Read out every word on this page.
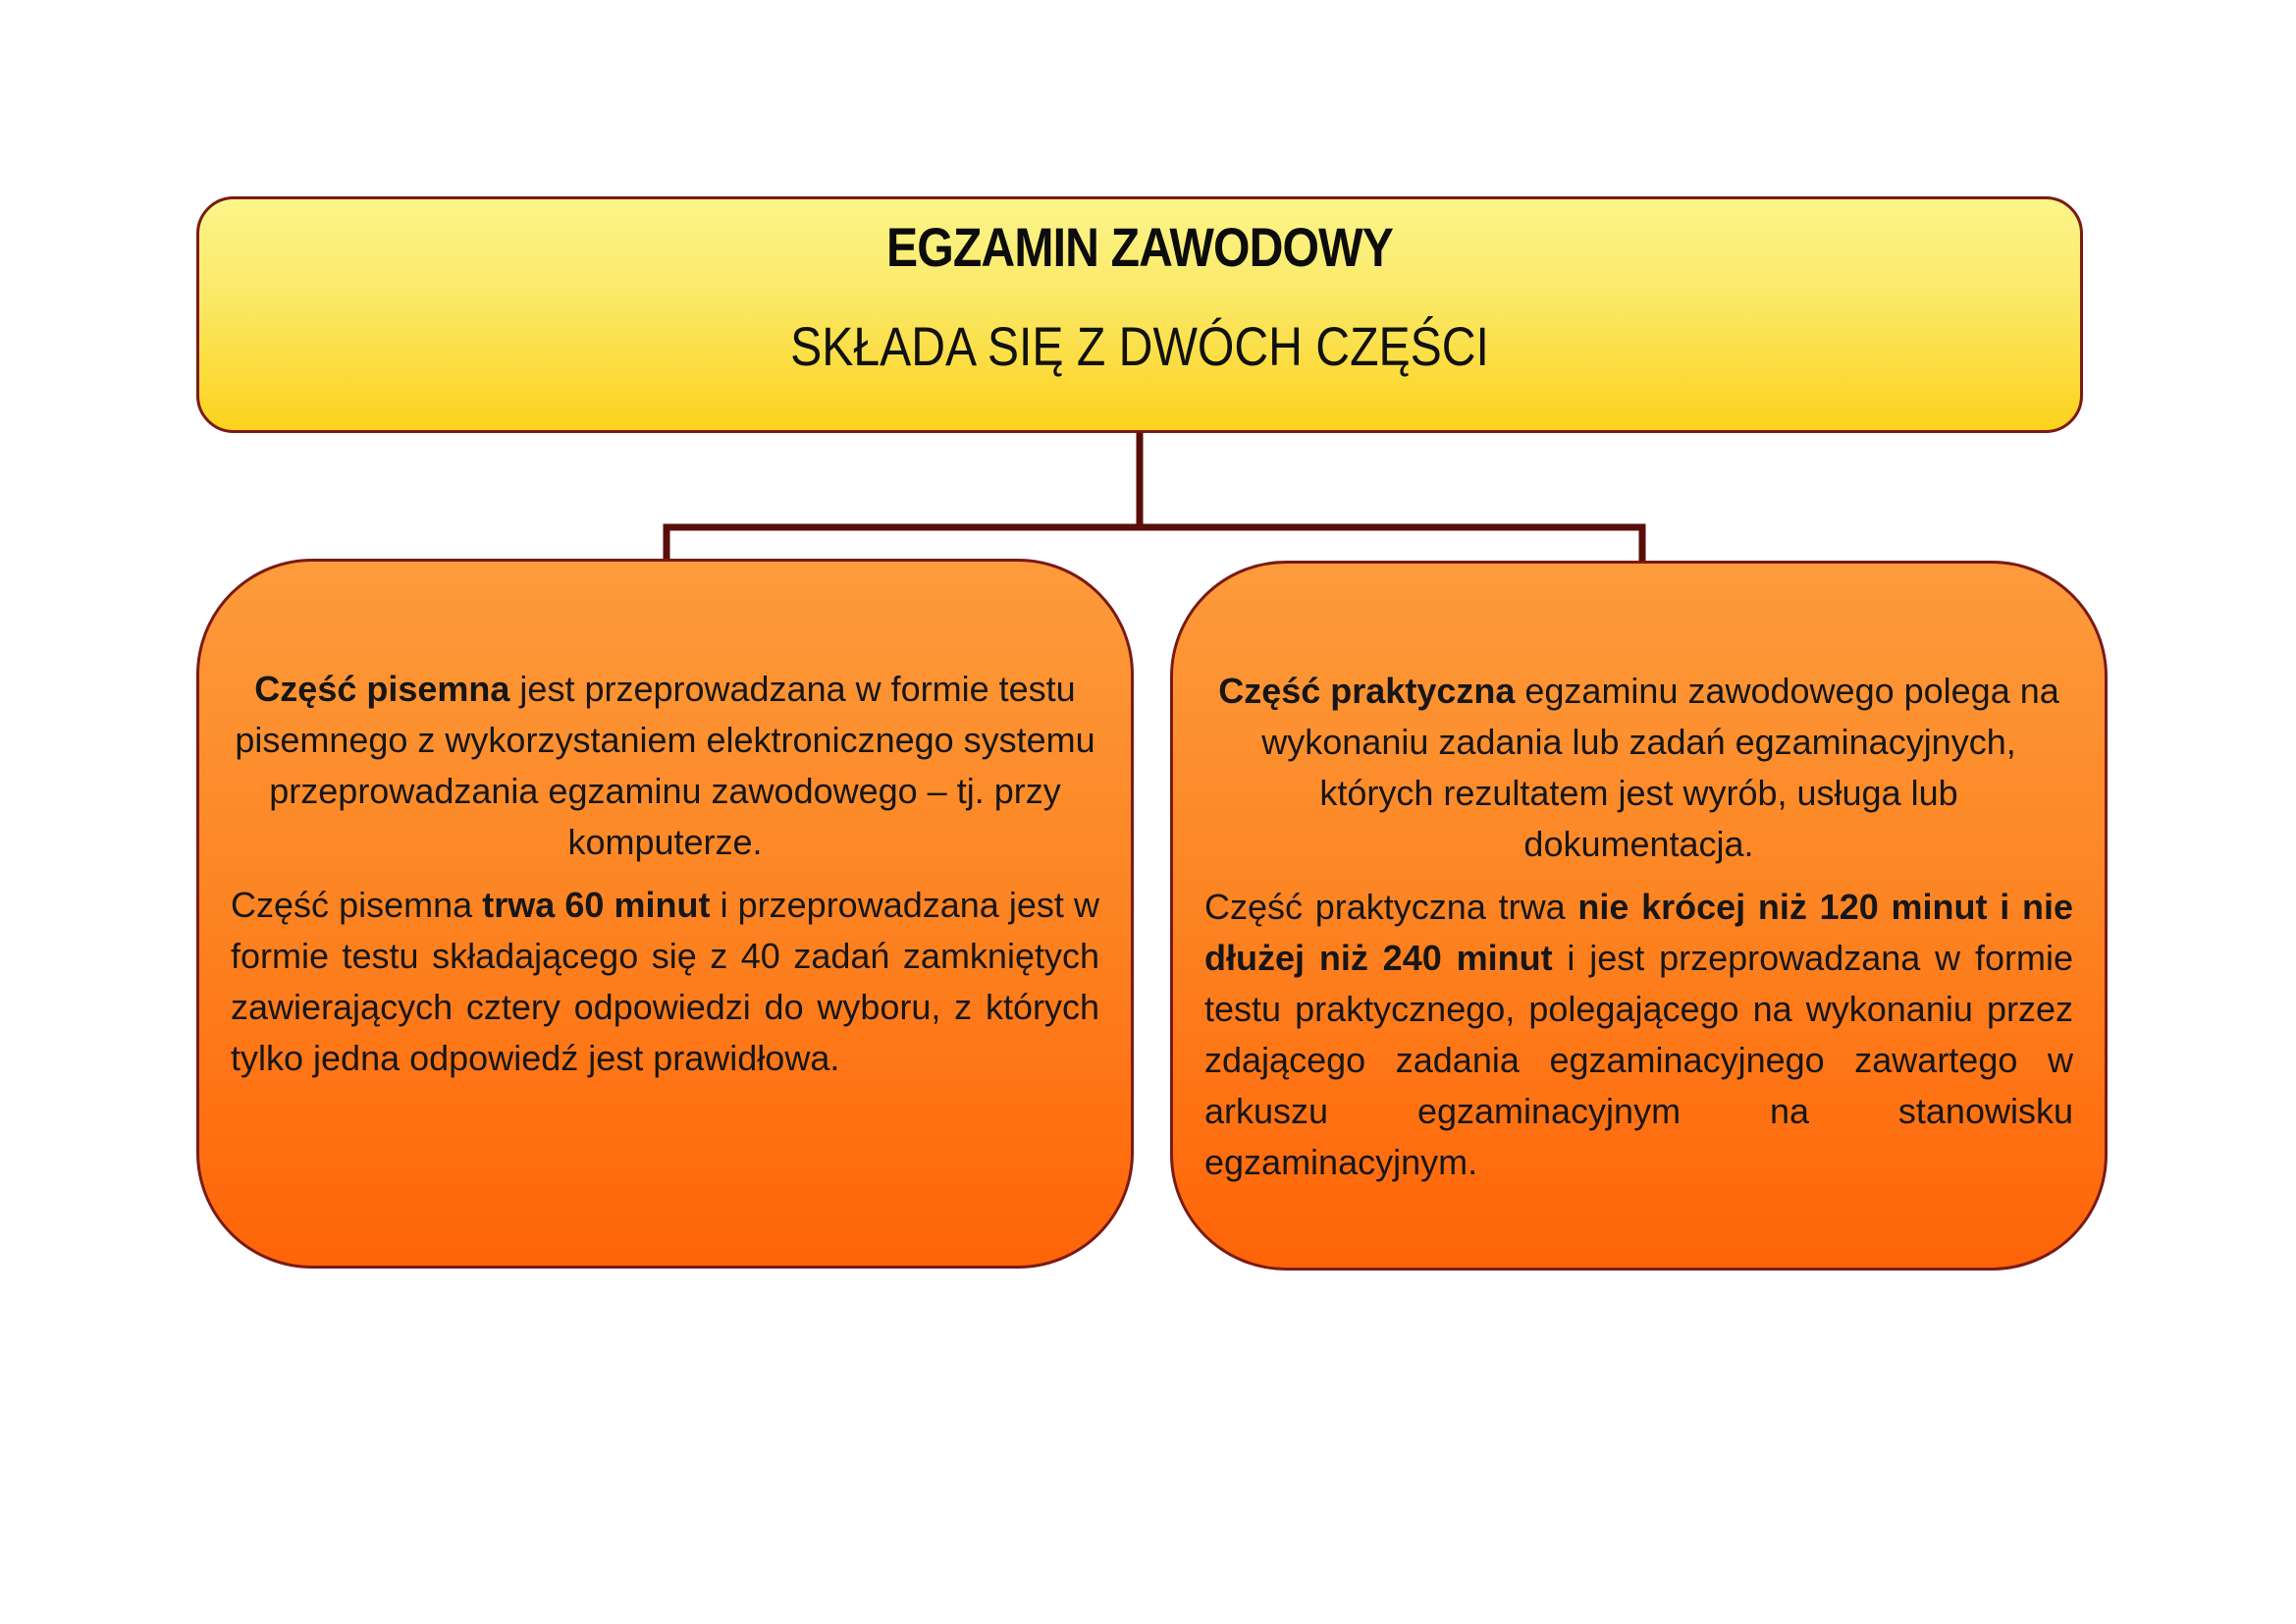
EGZAMIN ZAWODOWY
SKŁADA SIĘ Z DWÓCH CZĘŚCI

Część pisemna jest przeprowadzana w formie testu pisemnego z wykorzystaniem elektronicznego systemu przeprowadzania egzaminu zawodowego – tj. przy komputerze.

Część pisemna trwa 60 minut i przeprowadzana jest w formie testu składającego się z 40 zadań zamkniętych zawierających cztery odpowiedzi do wyboru, z których tylko jedna odpowiedź jest prawidłowa.

Część praktyczna egzaminu zawodowego polega na wykonaniu zadania lub zadań egzaminacyjnych, których rezultatem jest wyrób, usługa lub dokumentacja.

Część praktyczna trwa nie krócej niż 120 minut i nie dłużej niż 240 minut i jest przeprowadzana w formie testu praktycznego, polegającego na wykonaniu przez zdającego zadania egzaminacyjnego zawartego w arkuszu egzaminacyjnym na stanowisku egzaminacyjnym.
